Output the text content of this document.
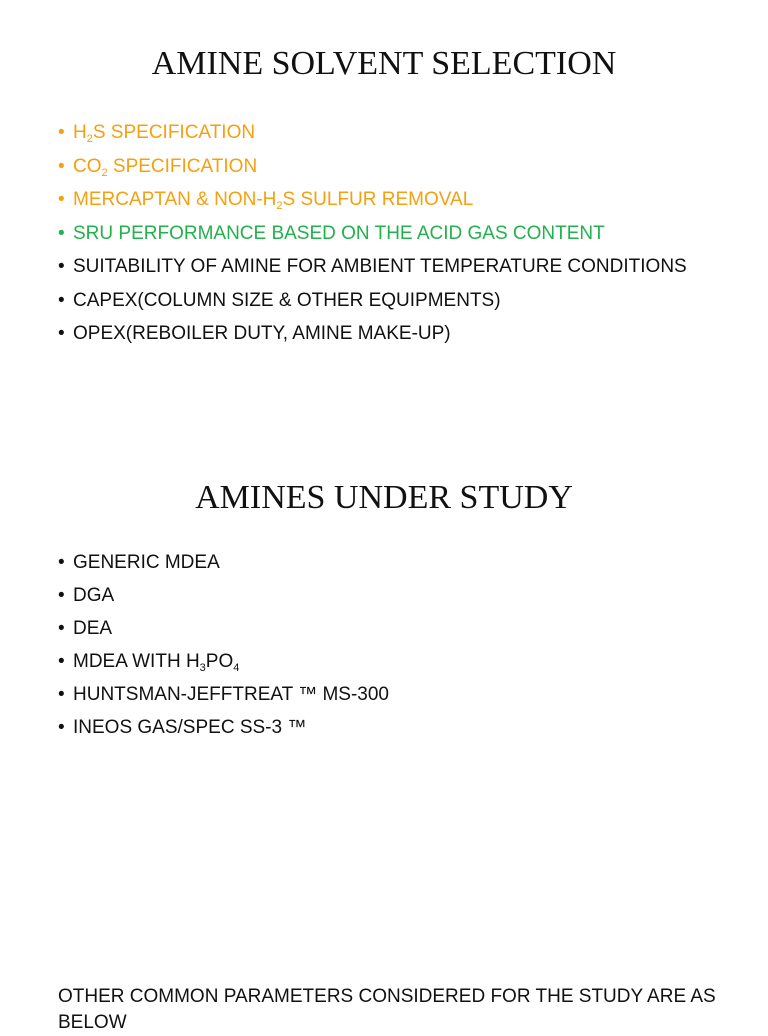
AMINE SOLVENT SELECTION
• $H_2S$ SPECIFICATION
• $CO_2$ SPECIFICATION
• MERCAPTAN & NON-$H_2S$ SULFUR REMOVAL
• SRU PERFORMANCE BASED ON THE ACID GAS CONTENT
• SUITABILITY OF AMINE FOR AMBIENT TEMPERATURE CONDITIONS
• CAPEX(COLUMN SIZE & OTHER EQUIPMENTS)
• OPEX(REBOILER DUTY, AMINE MAKE-UP)
AMINES UNDER STUDY
• GENERIC MDEA
• DGA
• DEA
• MDEA WITH $H_3PO_4$
• HUNTSMAN-JEFFTREAT ™ MS-300
• INEOS GAS/SPEC SS-3 ™

OTHER COMMON PARAMETERS CONSIDERED FOR THE STUDY ARE AS BELOW
